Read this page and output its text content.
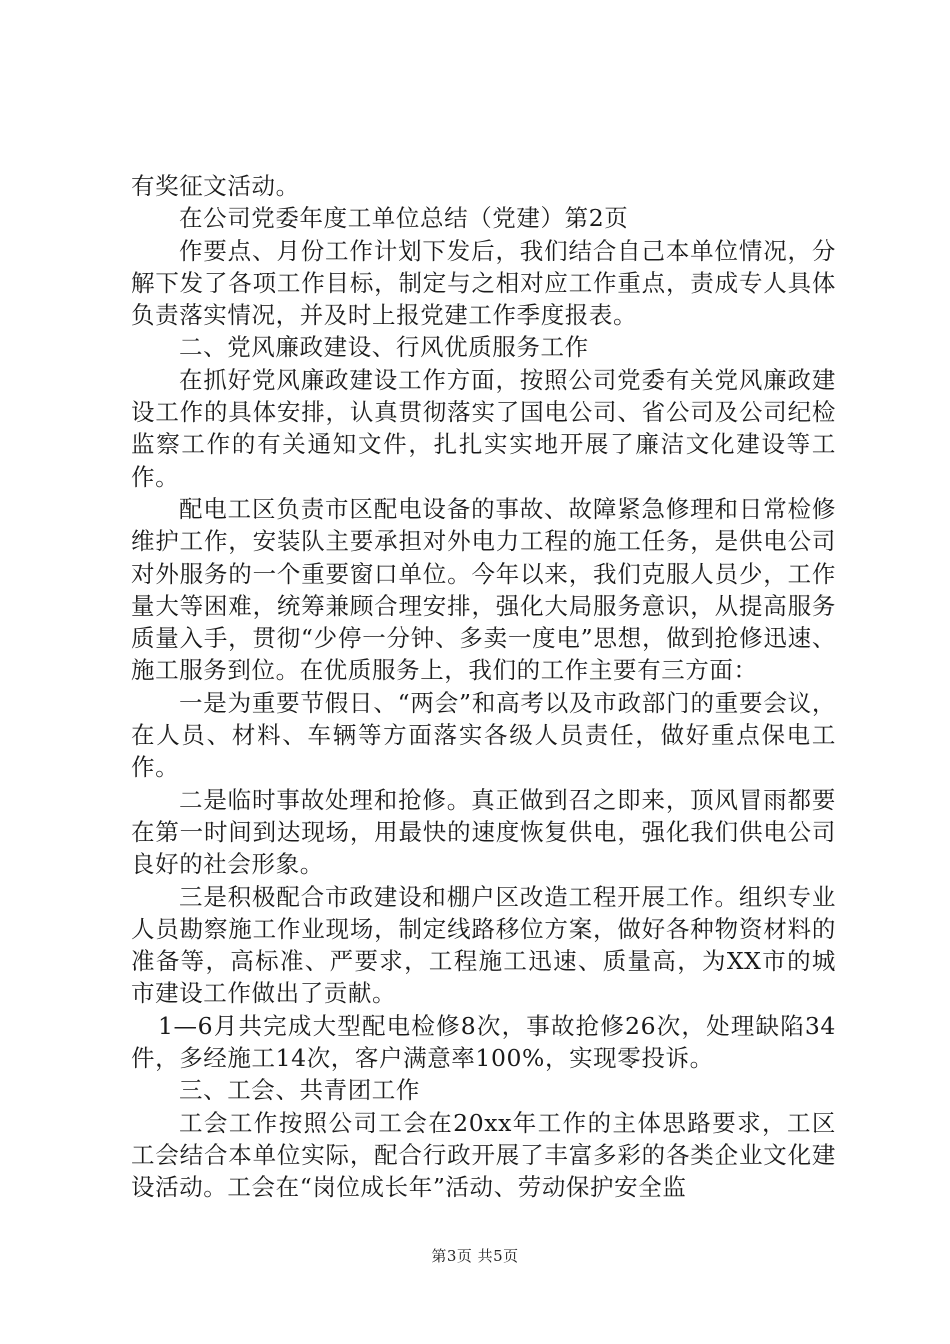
有奖征文活动。

在公司党委年度工单位总结（党建）第2页

作要点、月份工作计划下发后，我们结合自己本单位情况，分解下发了各项工作目标，制定与之相对应工作重点，责成专人具体负责落实情况，并及时上报党建工作季度报表。

二、党风廉政建设、行风优质服务工作

在抓好党风廉政建设工作方面，按照公司党委有关党风廉政建设工作的具体安排，认真贯彻落实了国电公司、省公司及公司纪检监察工作的有关通知文件，扎扎实实地开展了廉洁文化建设等工作。

配电工区负责市区配电设备的事故、故障紧急修理和日常检修维护工作，安装队主要承担对外电力工程的施工任务，是供电公司对外服务的一个重要窗口单位。今年以来，我们克服人员少，工作量大等困难，统筹兼顾合理安排，强化大局服务意识，从提高服务质量入手，贯彻“少停一分钟、多卖一度电”思想，做到抢修迅速、施工服务到位。在优质服务上，我们的工作主要有三方面：

一是为重要节假日、“两会”和高考以及市政部门的重要会议，在人员、材料、车辆等方面落实各级人员责任，做好重点保电工作。

二是临时事故处理和抢修。真正做到召之即来，顶风冒雨都要在第一时间到达现场，用最快的速度恢复供电，强化我们供电公司良好的社会形象。

三是积极配合市政建设和棚户区改造工程开展工作。组织专业人员勘察施工作业现场，制定线路移位方案，做好各种物资材料的准备等，高标准、严要求，工程施工迅速、质量高，为XX市的城市建设工作做出了贡献。

1—6月共完成大型配电检修8次，事故抢修26次，处理缺陷34件，多经施工14次，客户满意率100%，实现零投诉。

三、工会、共青团工作

工会工作按照公司工会在20xx年工作的主体思路要求，工区工会结合本单位实际，配合行政开展了丰富多彩的各类企业文化建设活动。工会在“岗位成长年”活动、劳动保护安全监

第3页 共5页
